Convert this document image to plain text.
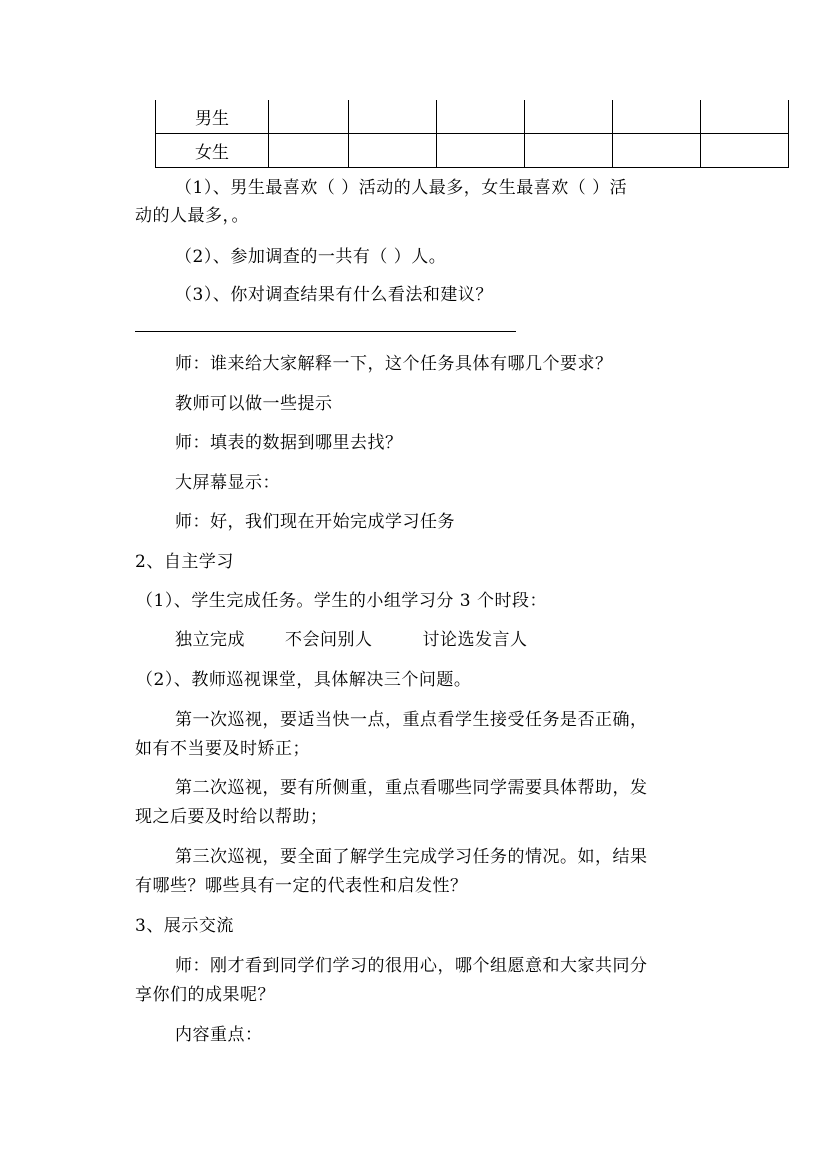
男生						
女生						
（1）、男生最喜欢（ ）活动的人最多，女生最喜欢（ ）活
动的人最多，。
（2）、参加调查的一共有（ ）人。
（3）、你对调查结果有什么看法和建议？
师：谁来给大家解释一下，这个任务具体有哪几个要求？
教师可以做一些提示
师：填表的数据到哪里去找？
大屏幕显示：
师：好，我们现在开始完成学习任务
2、自主学习
（1）、学生完成任务。学生的小组学习分 3 个时段：
独立完成 不会问别人	讨论选发言人
（2）、教师巡视课堂，具体解决三个问题。
第一次巡视，要适当快一点，重点看学生接受任务是否正确，
如有不当要及时矫正；
第二次巡视，要有所侧重，重点看哪些同学需要具体帮助，发
现之后要及时给以帮助；
第三次巡视，要全面了解学生完成学习任务的情况。如，结果
有哪些？哪些具有一定的代表性和启发性？
3、展示交流
师：刚才看到同学们学习的很用心，哪个组愿意和大家共同分
享你们的成果呢？
内容重点：
